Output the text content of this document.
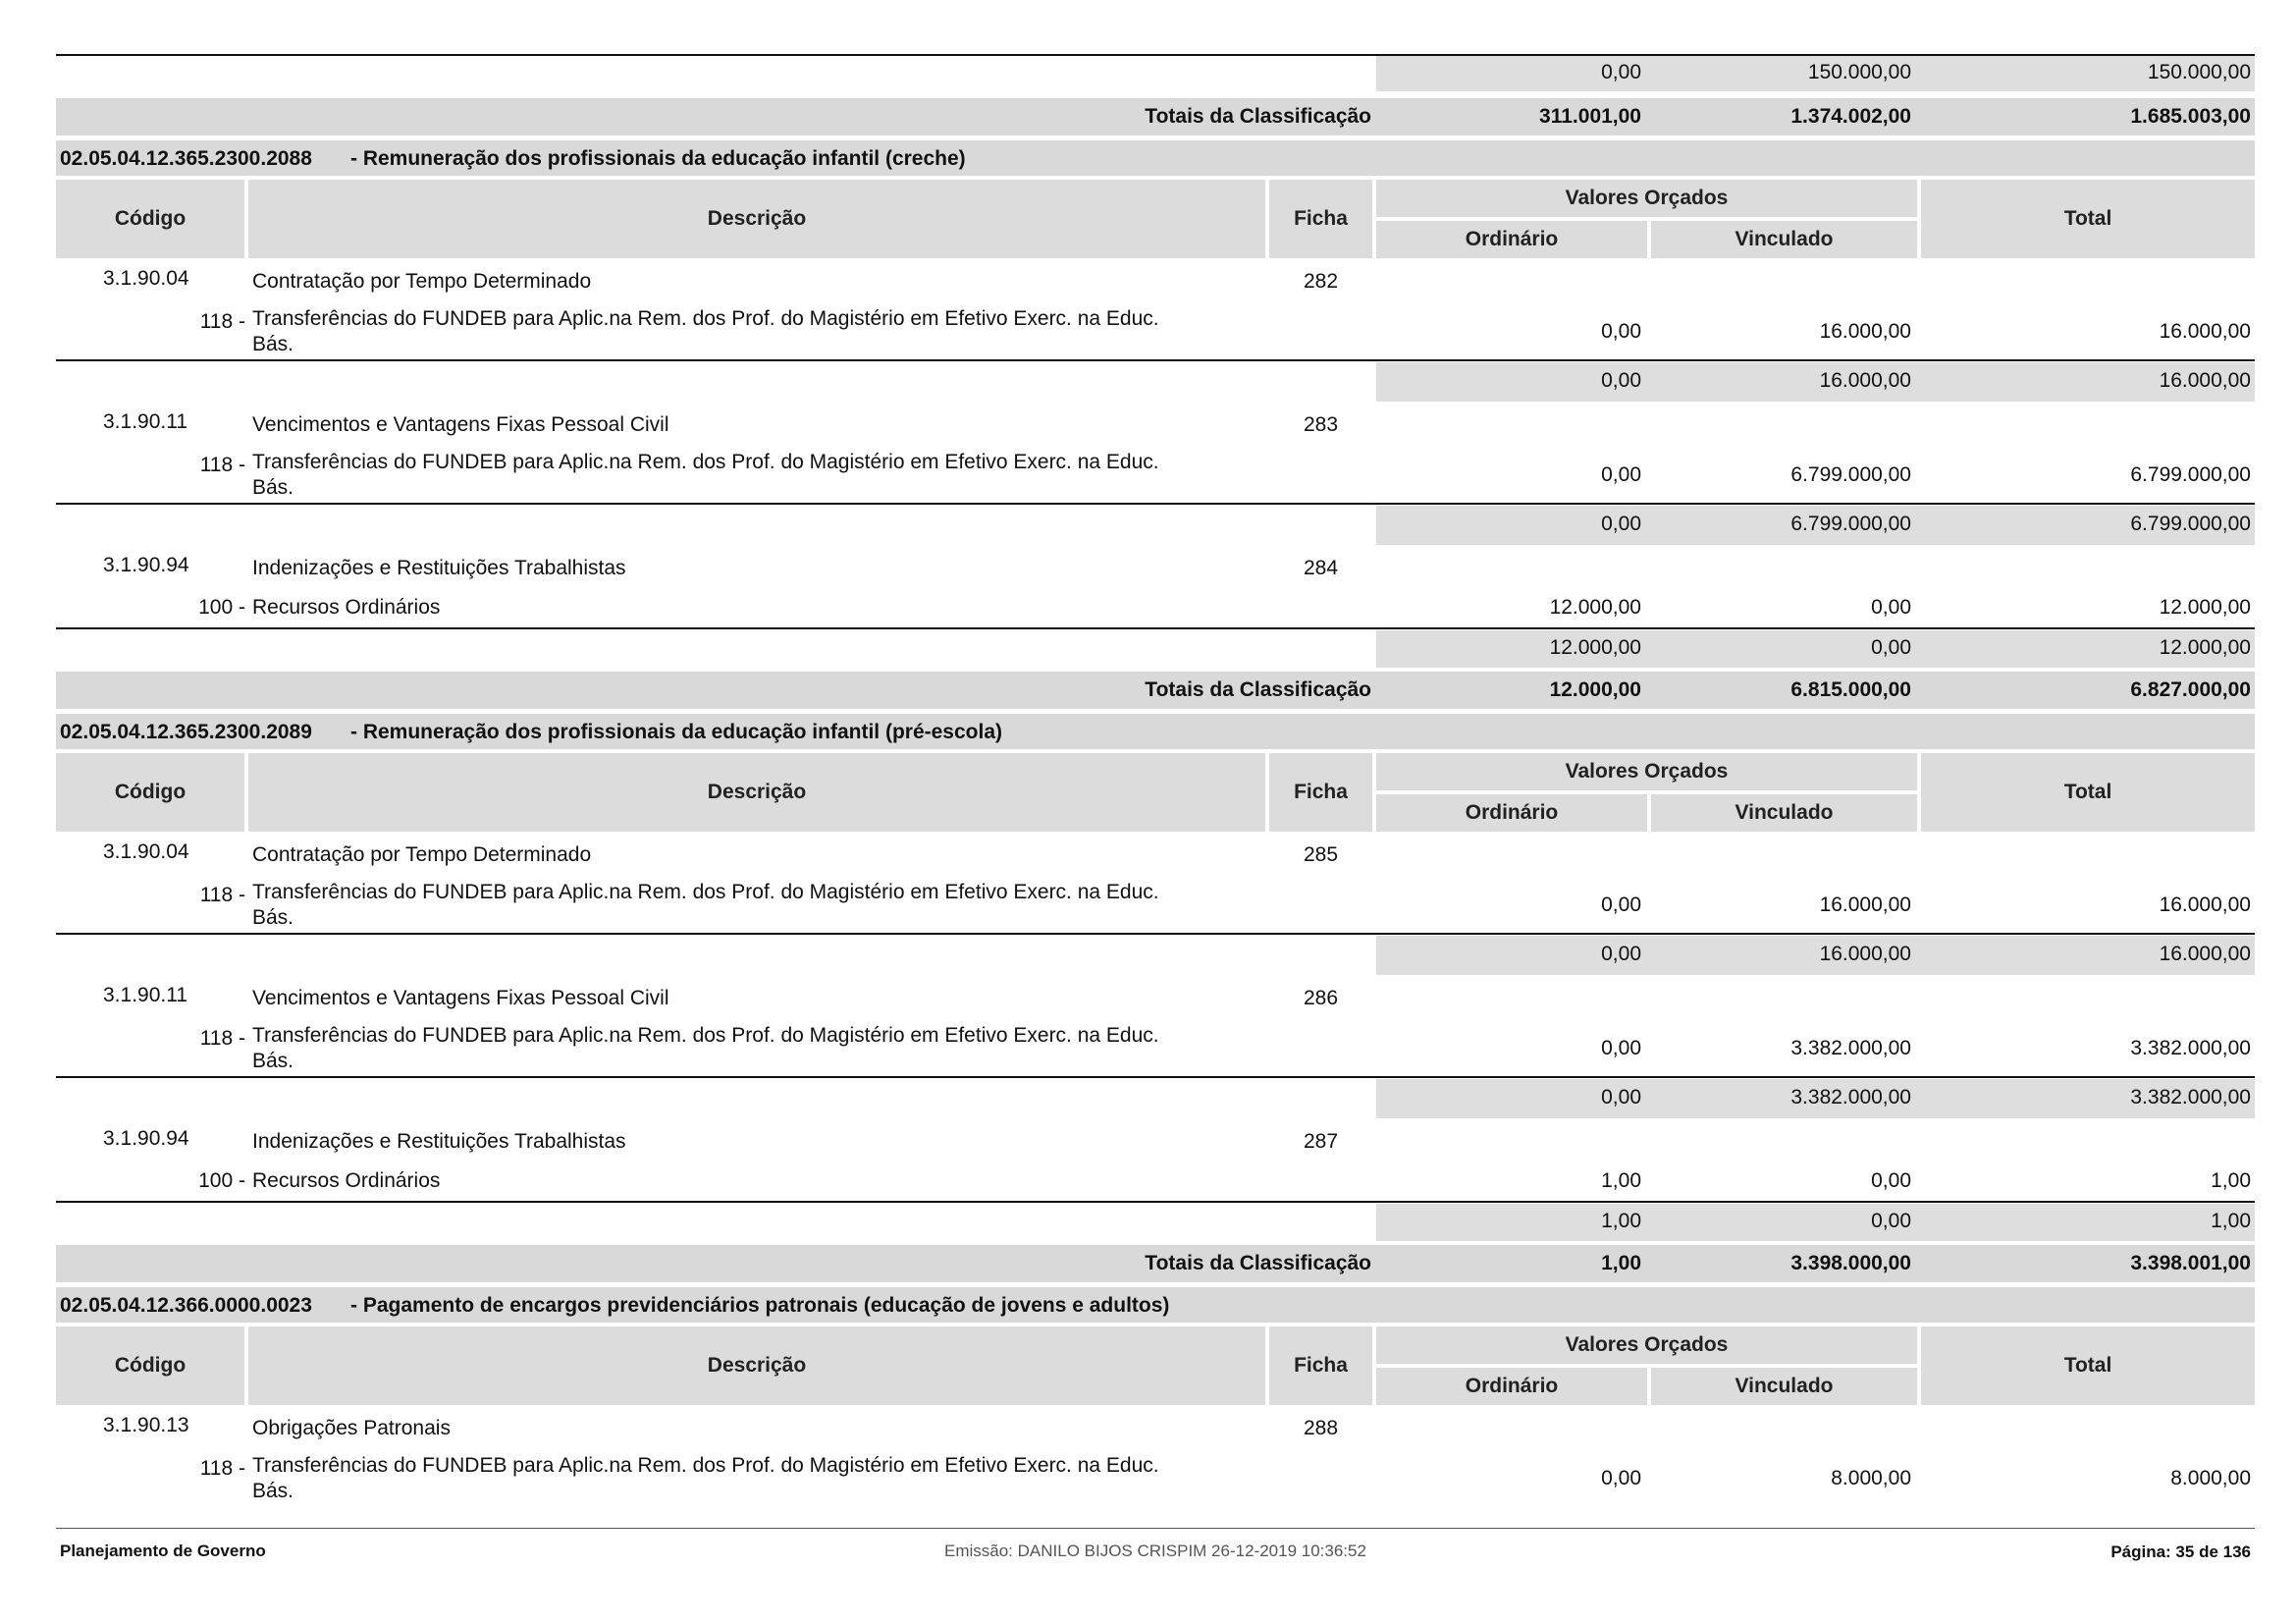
0,00	150.000,00	150.000,00
Totais da Classificação	311.001,00	1.374.002,00	1.685.003,00
02.05.04.12.365.2300.2088 - Remuneração dos profissionais da educação infantil (creche)
Código	Descrição	Ficha
Valores Orçados
Ordinário	Vinculado
Total
3.1.90.04	Contratação por Tempo Determinado	282
118 - Transferências do FUNDEB para Aplic.na Rem. dos Prof. do Magistério em Efetivo Exerc. na Educ.
Bás.
0,00	16.000,00	16.000,00
0,00	16.000,00	16.000,00
3.1.90.11	Vencimentos e Vantagens Fixas Pessoal Civil	283
118 - Transferências do FUNDEB para Aplic.na Rem. dos Prof. do Magistério em Efetivo Exerc. na Educ.
Bás.
0,00	6.799.000,00	6.799.000,00
0,00	6.799.000,00	6.799.000,00
3.1.90.94	Indenizações e Restituições Trabalhistas	284
100 - Recursos Ordinários	12.000,00	0,00	12.000,00
12.000,00	0,00	12.000,00
Totais da Classificação	12.000,00	6.815.000,00	6.827.000,00
02.05.04.12.365.2300.2089 - Remuneração dos profissionais da educação infantil (pré-escola)
Código	Descrição	Ficha
Valores Orçados
Ordinário	Vinculado
Total
3.1.90.04	Contratação por Tempo Determinado	285
118 - Transferências do FUNDEB para Aplic.na Rem. dos Prof. do Magistério em Efetivo Exerc. na Educ.
Bás.
0,00	16.000,00	16.000,00
0,00	16.000,00	16.000,00
3.1.90.11	Vencimentos e Vantagens Fixas Pessoal Civil	286
118 - Transferências do FUNDEB para Aplic.na Rem. dos Prof. do Magistério em Efetivo Exerc. na Educ.
Bás.
0,00	3.382.000,00	3.382.000,00
0,00	3.382.000,00	3.382.000,00
3.1.90.94	Indenizações e Restituições Trabalhistas	287
100 - Recursos Ordinários	1,00	0,00	1,00
1,00	0,00	1,00
Totais da Classificação	1,00	3.398.000,00	3.398.001,00
02.05.04.12.366.0000.0023 - Pagamento de encargos previdenciários patronais (educação de jovens e adultos)
Código	Descrição	Ficha
Valores Orçados
Ordinário	Vinculado
Total
3.1.90.13	Obrigações Patronais	288
118 - Transferências do FUNDEB para Aplic.na Rem. dos Prof. do Magistério em Efetivo Exerc. na Educ.
Bás.
0,00	8.000,00	8.000,00
Planejamento de Governo	Emissão: DANILO BIJOS CRISPIM 26-12-2019 10:36:52	Página: 35 de 136
